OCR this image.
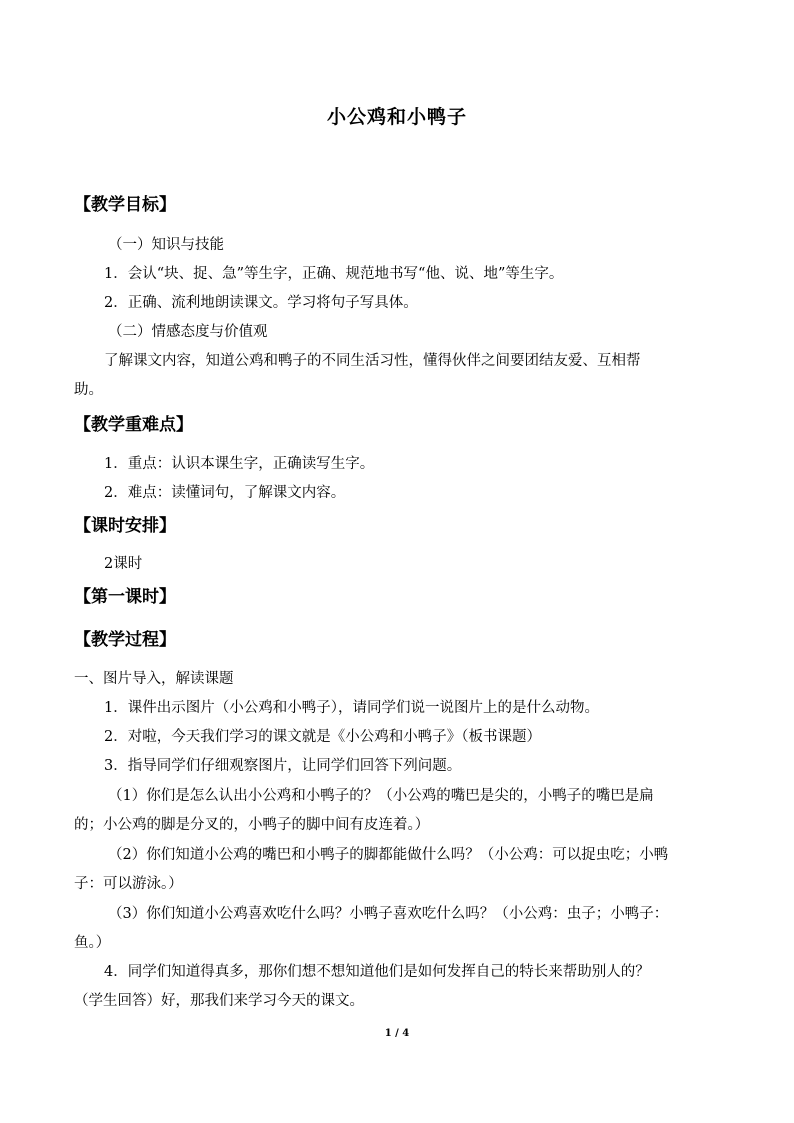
小公鸡和小鸭子
【教学目标】
（一）知识与技能
1．会认“块、捉、急”等生字，正确、规范地书写“他、说、地”等生字。
2．正确、流利地朗读课文。学习将句子写具体。
（二）情感态度与价值观
了解课文内容，知道公鸡和鸭子的不同生活习性，懂得伙伴之间要团结友爱、互相帮
助。
【教学重难点】
1．重点：认识本课生字，正确读写生字。
2．难点：读懂词句，了解课文内容。
【课时安排】
2课时
【第一课时】
【教学过程】
一、图片导入，解读课题
1．课件出示图片（小公鸡和小鸭子），请同学们说一说图片上的是什么动物。
2．对啦，今天我们学习的课文就是《小公鸡和小鸭子》（板书课题）
3．指导同学们仔细观察图片，让同学们回答下列问题。
（1）你们是怎么认出小公鸡和小鸭子的？（小公鸡的嘴巴是尖的，小鸭子的嘴巴是扁
的；小公鸡的脚是分叉的，小鸭子的脚中间有皮连着。）
（2）你们知道小公鸡的嘴巴和小鸭子的脚都能做什么吗？（小公鸡：可以捉虫吃；小鸭
子：可以游泳。）
（3）你们知道小公鸡喜欢吃什么吗？小鸭子喜欢吃什么吗？（小公鸡：虫子；小鸭子：
鱼。）
4．同学们知道得真多，那你们想不想知道他们是如何发挥自己的特长来帮助别人的？
（学生回答）好，那我们来学习今天的课文。
1 / 4
